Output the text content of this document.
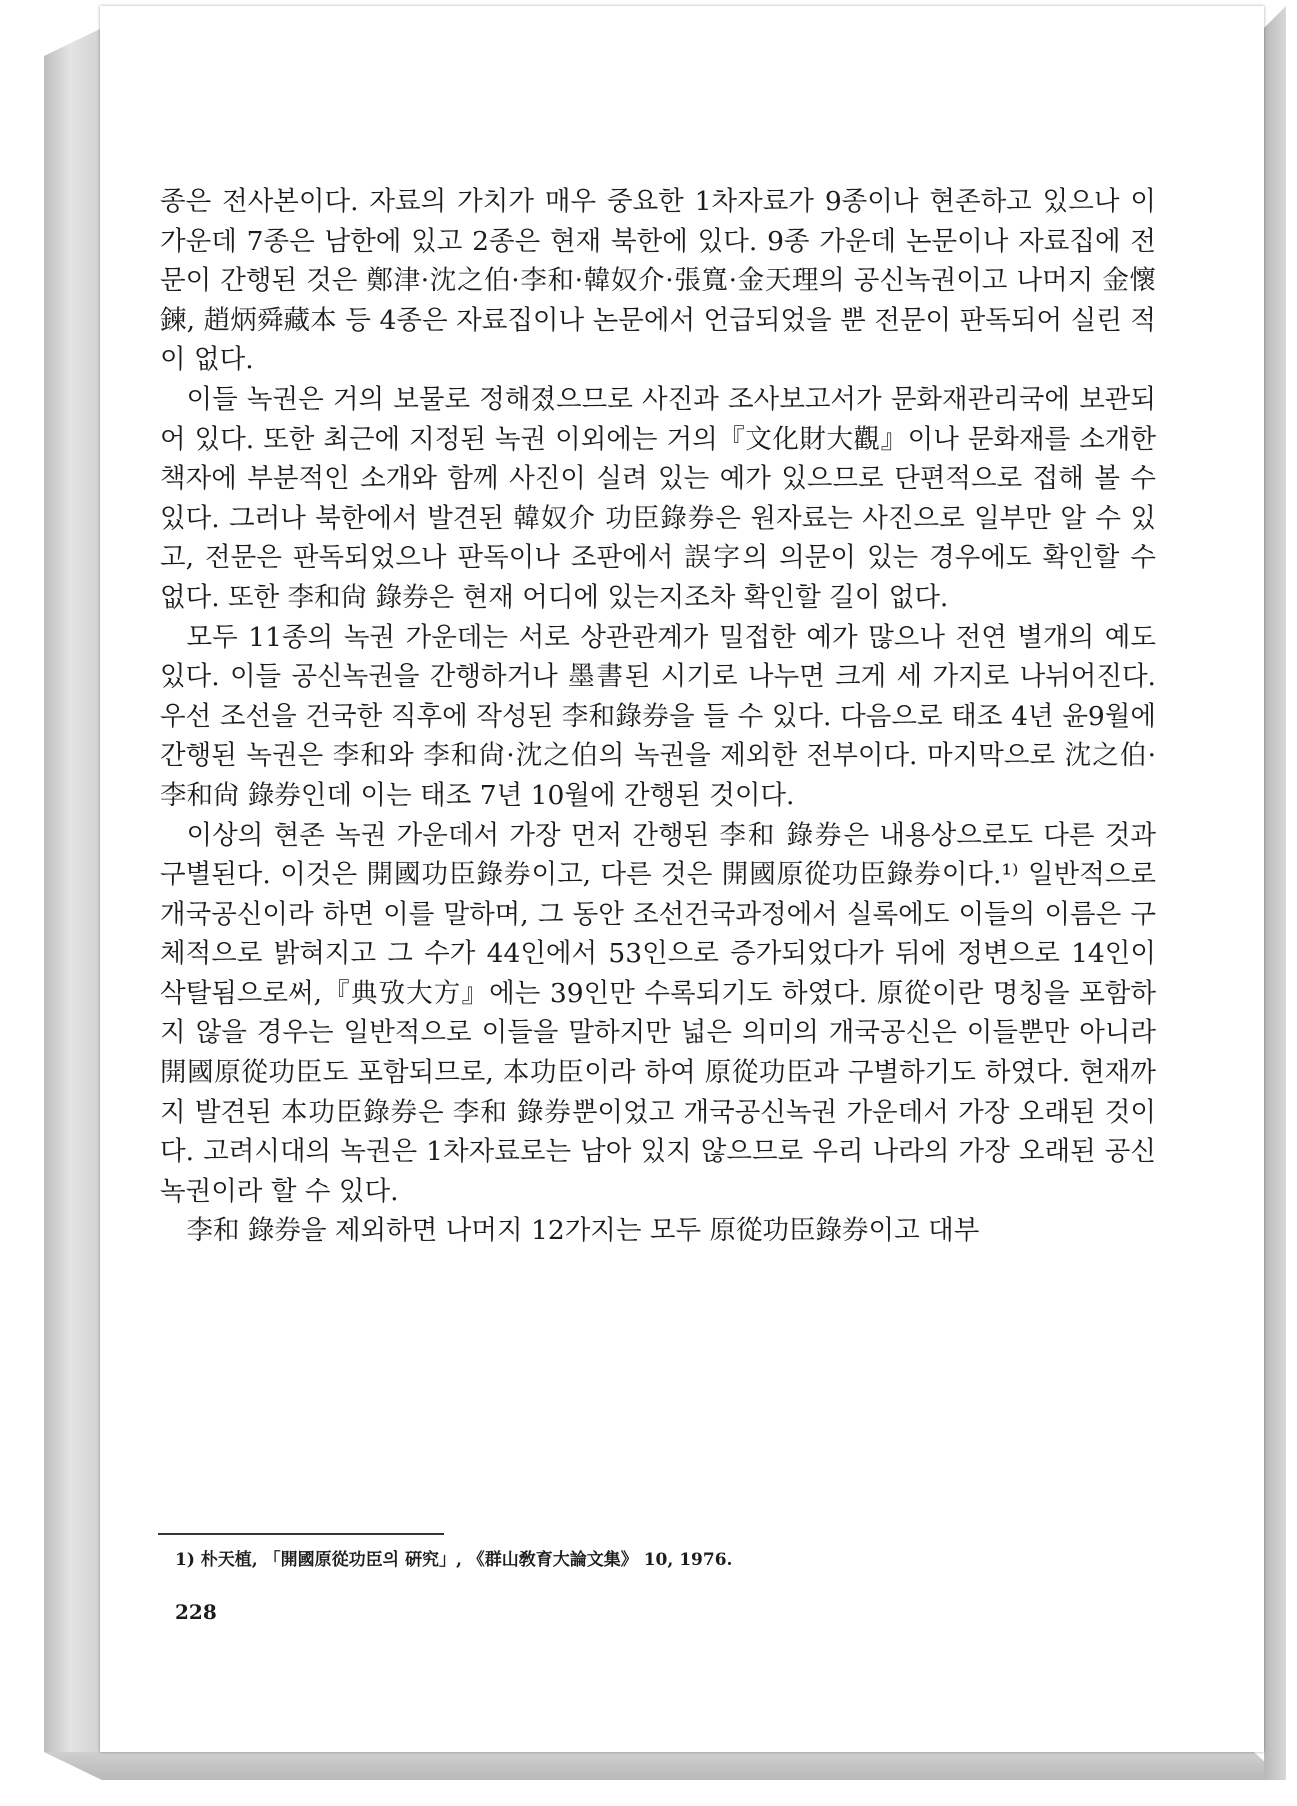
종은 전사본이다. 자료의 가치가 매우 중요한 1차자료가 9종이나 현존하고 있으나 이 가운데 7종은 남한에 있고 2종은 현재 북한에 있다. 9종 가운데 논문이나 자료집에 전문이 간행된 것은 鄭津·沈之伯·李和·韓奴介·張寬·金天理의 공신녹권이고 나머지 金懷鍊, 趙炳舜藏本 등 4종은 자료집이나 논문에서 언급되었을 뿐 전문이 판독되어 실린 적이 없다.

이들 녹권은 거의 보물로 정해졌으므로 사진과 조사보고서가 문화재관리국에 보관되어 있다. 또한 최근에 지정된 녹권 이외에는 거의『文化財大觀』이나 문화재를 소개한 책자에 부분적인 소개와 함께 사진이 실려 있는 예가 있으므로 단편적으로 접해 볼 수 있다. 그러나 북한에서 발견된 韓奴介 功臣錄券은 원자료는 사진으로 일부만 알 수 있고, 전문은 판독되었으나 판독이나 조판에서 誤字의 의문이 있는 경우에도 확인할 수 없다. 또한 李和尙 錄券은 현재 어디에 있는지조차 확인할 길이 없다.

모두 11종의 녹권 가운데는 서로 상관관계가 밀접한 예가 많으나 전연 별개의 예도 있다. 이들 공신녹권을 간행하거나 墨書된 시기로 나누면 크게 세 가지로 나뉘어진다. 우선 조선을 건국한 직후에 작성된 李和錄券을 들 수 있다. 다음으로 태조 4년 윤9월에 간행된 녹권은 李和와 李和尙·沈之伯의 녹권을 제외한 전부이다. 마지막으로 沈之伯·李和尙 錄券인데 이는 태조 7년 10월에 간행된 것이다.

이상의 현존 녹권 가운데서 가장 먼저 간행된 李和 錄券은 내용상으로도 다른 것과 구별된다. 이것은 開國功臣錄券이고, 다른 것은 開國原從功臣錄券이다.¹⁾ 일반적으로 개국공신이라 하면 이를 말하며, 그 동안 조선건국과정에서 실록에도 이들의 이름은 구체적으로 밝혀지고 그 수가 44인에서 53인으로 증가되었다가 뒤에 정변으로 14인이 삭탈됨으로써,『典攷大方』에는 39인만 수록되기도 하였다. 原從이란 명칭을 포함하지 않을 경우는 일반적으로 이들을 말하지만 넓은 의미의 개국공신은 이들뿐만 아니라 開國原從功臣도 포함되므로, 本功臣이라 하여 原從功臣과 구별하기도 하였다. 현재까지 발견된 本功臣錄券은 李和 錄券뿐이었고 개국공신녹권 가운데서 가장 오래된 것이다. 고려시대의 녹권은 1차자료로는 남아 있지 않으므로 우리 나라의 가장 오래된 공신녹권이라 할 수 있다.

李和 錄券을 제외하면 나머지 12가지는 모두 原從功臣錄券이고 대부

1) 朴天植, 「開國原從功臣의 硏究」, 《群山敎育大論文集》 10, 1976.
228
